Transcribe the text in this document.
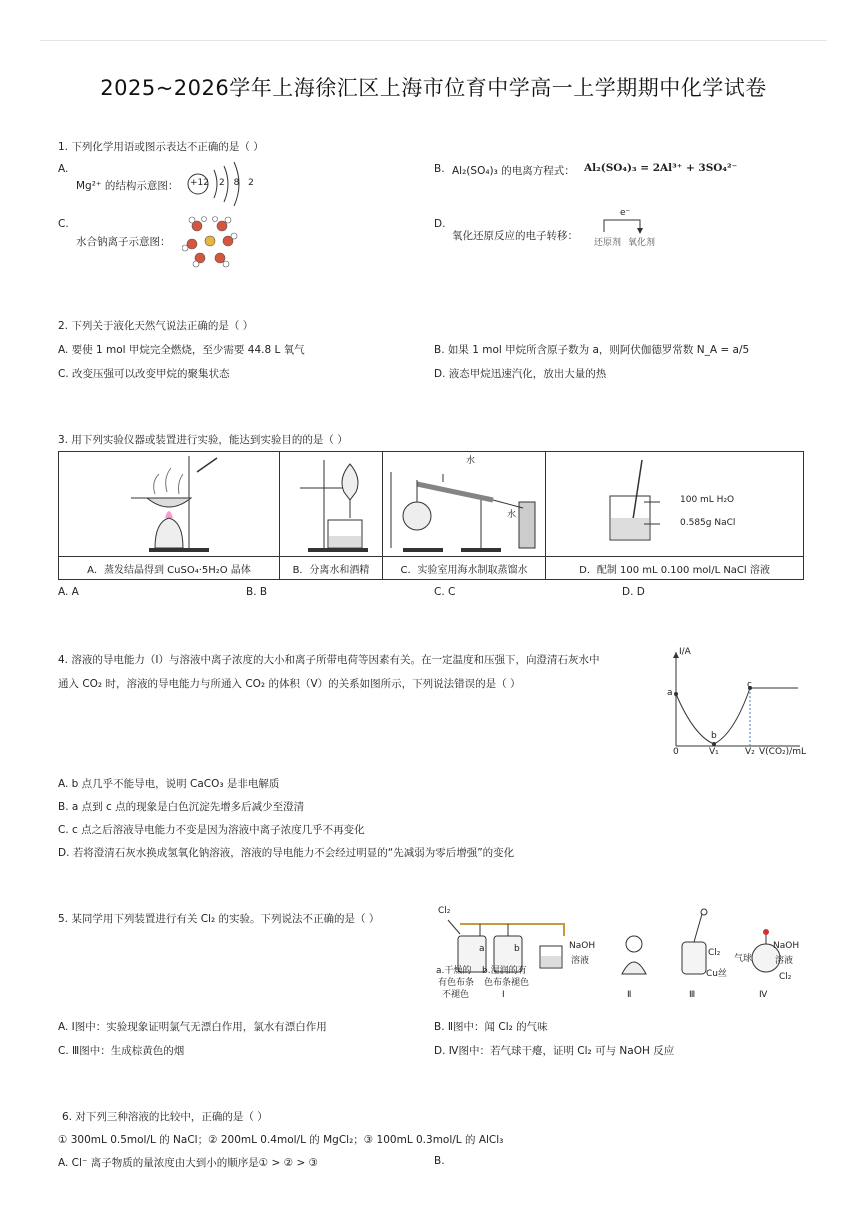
2025~2026学年上海徐汇区上海市位育中学高一上学期期中化学试卷
1. 下列化学用语或图示表达不正确的是（ ）
A.
Mg²⁺ 的结构示意图： +12 2 8 2
B. Al₂(SO₄)₃ 的电离方程式： Al₂(SO₄)₃ = 2Al³⁺ + 3SO₄²⁻
C.
水合钠离子示意图：
D.
氧化还原反应的电子转移：
e⁻
还原剂 氧化剂
2. 下列关于液化天然气说法正确的是（ ）
A. 要使 1 mol 甲烷完全燃烧，至少需要 44.8 L 氧气	B. 如果 1 mol 甲烷所含原子数为 a，则阿伏伽德罗常数 N_A = a/5
C. 改变压强可以改变甲烷的聚集状态	D. 液态甲烷迅速汽化，放出大量的热
3. 用下列实验仪器或装置进行实验，能达到实验目的的是（ ）

A．蒸发结晶得到 CuSO₄·5H₂O 晶体	B．分离水和酒精	C．实验室用海水制取蒸馏水	D．配制 100 mL 0.100 mol/L NaCl 溶液
水
水
100 mL H₂O
0.585g NaCl
A. A	B. B	C. C	D. D
4. 溶液的导电能力（I）与溶液中离子浓度的大小和离子所带电荷等因素有关。在一定温度和压强下，向澄清石灰水中
通入 CO₂ 时，溶液的导电能力与所通入 CO₂ 的体积（V）的关系如图所示，下列说法错误的是（ ）
I/A
a
b
c
0	V₁	V₂ V(CO₂)/mL
A. b 点几乎不能导电，说明 CaCO₃ 是非电解质
B. a 点到 c 点的现象是白色沉淀先增多后减少至澄清
C. c 点之后溶液导电能力不变是因为溶液中离子浓度几乎不再变化
D. 若将澄清石灰水换成氢氧化钠溶液，溶液的导电能力不会经过明显的“先减弱为零后增强”的变化
5. 某同学用下列装置进行有关 Cl₂ 的实验。下列说法不正确的是（ ）
Cl₂
a	b	NaOH
溶液
a.干燥的
有色布条
不褪色
b.湿润的有
色布条褪色
Ⅰ	Ⅱ	Ⅲ	Ⅳ
Cl₂
Cu丝
气球
NaOH
溶液
Cl₂
A. Ⅰ图中：实验现象证明氯气无漂白作用，氯水有漂白作用	B. Ⅱ图中：闻 Cl₂ 的气味
C. Ⅲ图中：生成棕黄色的烟	D. Ⅳ图中：若气球干瘪，证明 Cl₂ 可与 NaOH 反应
6. 对下列三种溶液的比较中，正确的是（ ）
① 300mL 0.5mol/L 的 NaCl；② 200mL 0.4mol/L 的 MgCl₂；③ 100mL 0.3mol/L 的 AlCl₃
A. Cl⁻ 离子物质的量浓度由大到小的顺序是① > ② > ③	B.
